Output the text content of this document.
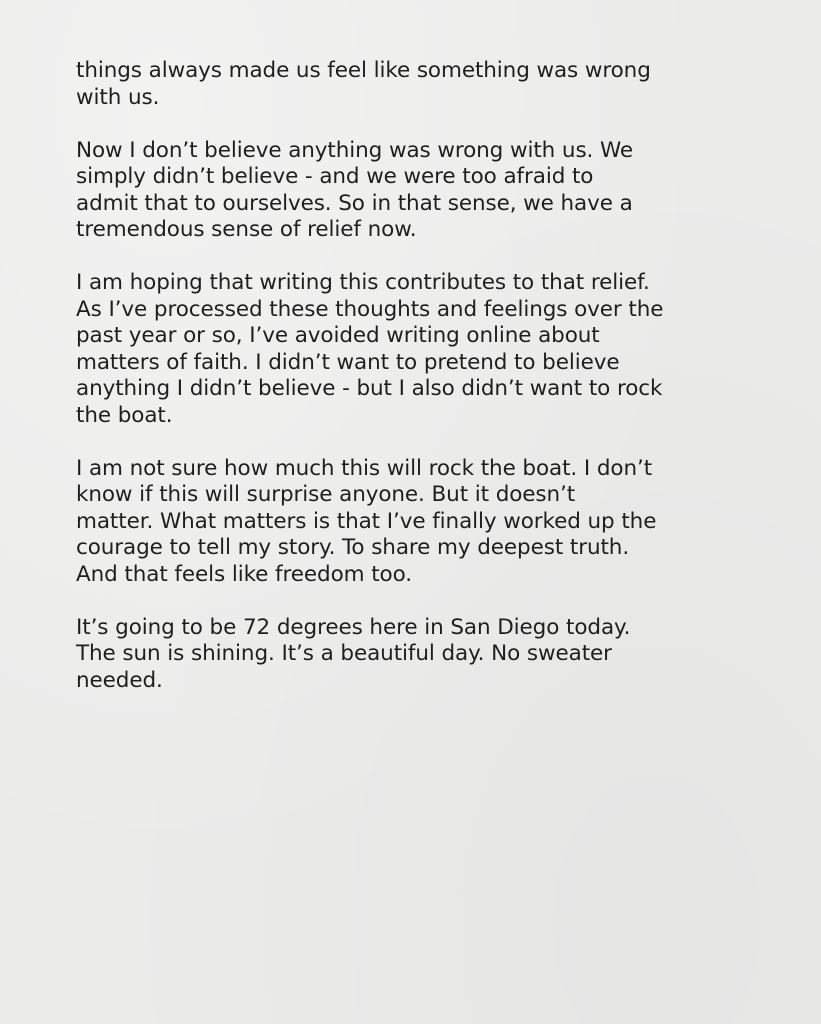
things always made us feel like something was wrong
with us.

Now I don’t believe anything was wrong with us. We
simply didn’t believe - and we were too afraid to
admit that to ourselves. So in that sense, we have a
tremendous sense of relief now.

I am hoping that writing this contributes to that relief.
As I’ve processed these thoughts and feelings over the
past year or so, I’ve avoided writing online about
matters of faith. I didn’t want to pretend to believe
anything I didn’t believe - but I also didn’t want to rock
the boat.

I am not sure how much this will rock the boat. I don’t
know if this will surprise anyone. But it doesn’t
matter. What matters is that I’ve finally worked up the
courage to tell my story. To share my deepest truth.
And that feels like freedom too.

It’s going to be 72 degrees here in San Diego today.
The sun is shining. It’s a beautiful day. No sweater
needed.
